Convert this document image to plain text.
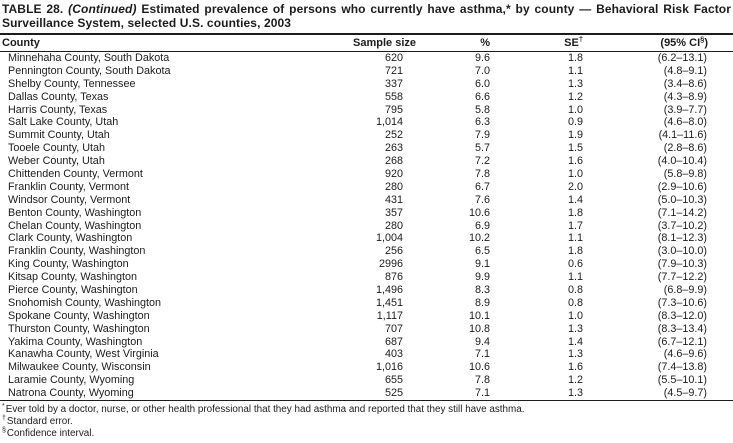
TABLE 28. (Continued) Estimated prevalence of persons who currently have asthma,* by county — Behavioral Risk Factor
Surveillance System, selected U.S. counties, 2003
County	Sample size	%	SE†	(95% CI§)
Minnehaha County, South Dakota	620	9.6	1.8	(6.2–13.1)
Pennington County, South Dakota	721	7.0	1.1	(4.8–9.1)
Shelby County, Tennessee	337	6.0	1.3	(3.4–8.6)
Dallas County, Texas	558	6.6	1.2	(4.3–8.9)
Harris County, Texas	795	5.8	1.0	(3.9–7.7)
Salt Lake County, Utah	1,014	6.3	0.9	(4.6–8.0)
Summit County, Utah	252	7.9	1.9	(4.1–11.6)
Tooele County, Utah	263	5.7	1.5	(2.8–8.6)
Weber County, Utah	268	7.2	1.6	(4.0–10.4)
Chittenden County, Vermont	920	7.8	1.0	(5.8–9.8)
Franklin County, Vermont	280	6.7	2.0	(2.9–10.6)
Windsor County, Vermont	431	7.6	1.4	(5.0–10.3)
Benton County, Washington	357	10.6	1.8	(7.1–14.2)
Chelan County, Washington	280	6.9	1.7	(3.7–10.2)
Clark County, Washington	1,004	10.2	1.1	(8.1–12.3)
Franklin County, Washington	256	6.5	1.8	(3.0–10.0)
King County, Washington	2996	9.1	0.6	(7.9–10.3)
Kitsap County, Washington	876	9.9	1.1	(7.7–12.2)
Pierce County, Washington	1,496	8.3	0.8	(6.8–9.9)
Snohomish County, Washington	1,451	8.9	0.8	(7.3–10.6)
Spokane County, Washington	1,117	10.1	1.0	(8.3–12.0)
Thurston County, Washington	707	10.8	1.3	(8.3–13.4)
Yakima County, Washington	687	9.4	1.4	(6.7–12.1)
Kanawha County, West Virginia	403	7.1	1.3	(4.6–9.6)
Milwaukee County, Wisconsin	1,016	10.6	1.6	(7.4–13.8)
Laramie County, Wyoming	655	7.8	1.2	(5.5–10.1)
Natrona County, Wyoming	525	7.1	1.3	(4.5–9.7)
*Ever told by a doctor, nurse, or other health professional that they had asthma and reported that they still have asthma.
†Standard error.
§Confidence interval.
